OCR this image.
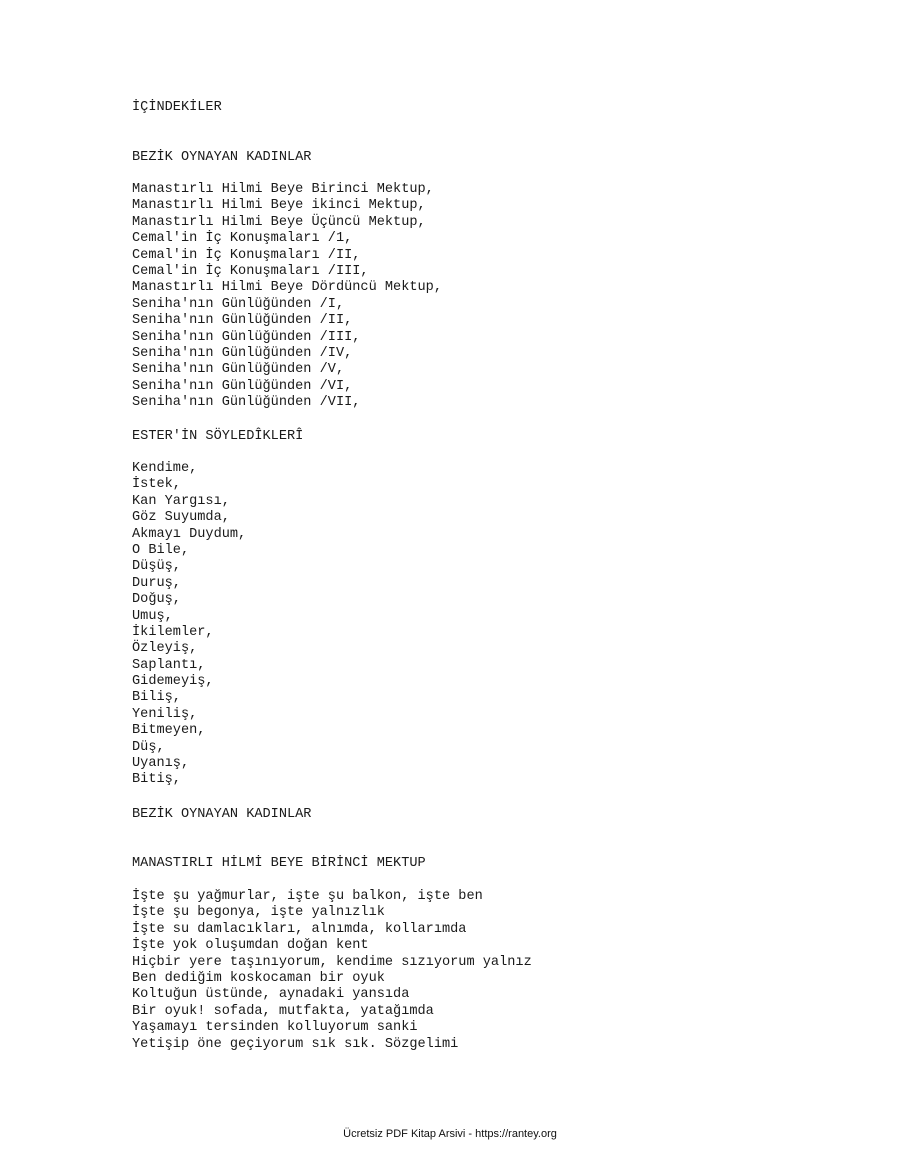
İÇİNDEKİLER
BEZİK OYNAYAN KADINLAR
Manastırlı Hilmi Beye Birinci Mektup,
Manastırlı Hilmi Beye ikinci Mektup,
Manastırlı Hilmi Beye Üçüncü Mektup,
Cemal'in İç Konuşmaları /1,
Cemal'in İç Konuşmaları /II,
Cemal'in İç Konuşmaları /III,
Manastırlı Hilmi Beye Dördüncü Mektup,
Seniha'nın Günlüğünden /I,
Seniha'nın Günlüğünden /II,
Seniha'nın Günlüğünden /III,
Seniha'nın Günlüğünden /IV,
Seniha'nın Günlüğünden /V,
Seniha'nın Günlüğünden /VI,
Seniha'nın Günlüğünden /VII,
ESTER'İN SÖYLEDÎKLERÎ
Kendime,
İstek,
Kan Yargısı,
Göz Suyumda,
Akmayı Duydum,
O Bile,
Düşüş,
Duruş,
Doğuş,
Umuş,
İkilemler,
Özleyiş,
Saplantı,
Gidemeyiş,
Biliş,
Yeniliş,
Bitmeyen,
Düş,
Uyanış,
Bitiş,
BEZİK OYNAYAN KADINLAR
MANASTIRLI HİLMİ BEYE BİRİNCİ MEKTUP
İşte şu yağmurlar, işte şu balkon, işte ben
İşte şu begonya, işte yalnızlık
İşte su damlacıkları, alnımda, kollarımda
İşte yok oluşumdan doğan kent
Hiçbir yere taşınıyorum, kendime sızıyorum yalnız
Ben dediğim koskocaman bir oyuk
Koltuğun üstünde, aynadaki yansıda
Bir oyuk! sofada, mutfakta, yatağımda
Yaşamayı tersinden kolluyorum sanki
Yetişip öne geçiyorum sık sık. Sözgelimi
Ücretsiz PDF Kitap Arsivi - https://rantey.org
